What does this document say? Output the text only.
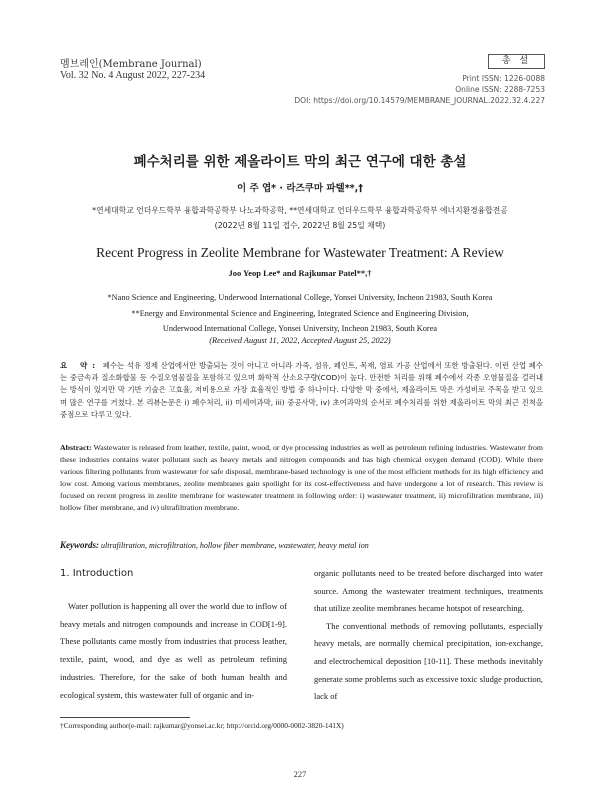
멤브레인(Membrane Journal)
Vol. 32 No. 4 August 2022, 227-234
총 설
Print ISSN: 1226-0088
Online ISSN: 2288-7253
DOI: https://doi.org/10.14579/MEMBRANE_JOURNAL.2022.32.4.227
폐수처리를 위한 제올라이트 막의 최근 연구에 대한 총설
이 주 엽* · 라즈쿠마 파텔**,†
*연세대학교 언더우드학부 융합과학공학부 나노과학공학, **연세대학교 언더우드학부 융합과학공학부 에너지환경융합전공
(2022년 8월 11일 접수, 2022년 8월 25일 채택)
Recent Progress in Zeolite Membrane for Wastewater Treatment: A Review
Joo Yeop Lee* and Rajkumar Patel**,†
*Nano Science and Engineering, Underwood International College, Yonsei University, Incheon 21983, South Korea
**Energy and Environmental Science and Engineering, Integrated Science and Engineering Division,
Underwood International College, Yonsei University, Incheon 21983, South Korea
(Received August 11, 2022, Accepted August 25, 2022)
요 약: 폐수는 석유 정제 산업에서만 방출되는 것이 아니고 아니라 가죽, 섬유, 페인트, 목재, 염료 가공 산업에서 또한 방출된다. 이런 산업 폐수는 중금속과 질소화합물 등 수질오염물질을 포함하고 있으며 화학적 산소요구량(COD)이 높다. 안전한 처리를 위해 폐수에서 각종 오염물질을 걸러내는 방식이 있지만 막 기반 기술은 고효율, 저비용으로 가장 효율적인 방법 중 하나이다. 다양한 막 중에서, 제올라이트 막은 가성비로 주목을 받고 있으며 많은 연구를 거쳤다. 본 리뷰논문은 i) 폐수처리, ii) 미세여과막, iii) 중공사막, iv) 초여과막의 순서로 폐수처리를 위한 제올라이트 막의 최근 진척을 중점으로 다루고 있다.
Abstract: Wastewater is released from leather, textile, paint, wood, or dye processing industries as well as petroleum refining industries. Wastewater from these industries contains water pollutant such as heavy metals and nitrogen compounds and has high chemical oxygen demand (COD). While there various filtering pollutants from wastewater for safe disposal, membrane-based technology is one of the most efficient methods for its high efficiency and low cost. Among various membranes, zeolite membranes gain spotlight for its cost-effectiveness and have undergone a lot of research. This review is focused on recent progress in zeolite membrane for wastewater treatment in following order: i) wastewater treatment, ii) microfiltration membrane, iii) hollow fiber membrane, and iv) ultrafiltration membrane.
Keywords: ultrafiltration, microfiltration, hollow fiber membrane, wastewater, heavy metal ion
1. Introduction
Water pollution is happening all over the world due to inflow of heavy metals and nitrogen compounds and increase in COD[1-9]. These pollutants came mostly from industries that process leather, textile, paint, wood, and dye as well as petroleum refining industries. Therefore, for the sake of both human health and ecological system, this wastewater full of organic and in-

organic pollutants need to be treated before discharged into water source. Among the wastewater treatment techniques, treatments that utilize zeolite membranes became hotspot of researching.

The conventional methods of removing pollutants, especially heavy metals, are normally chemical precipitation, ion-exchange, and electrochemical deposition [10-11]. These methods inevitably generate some problems such as excessive toxic sludge production, lack of

†Corresponding author(e-mail: rajkumar@yonsei.ac.kr; http://orcid.org/0000-0002-3820-141X)
227
